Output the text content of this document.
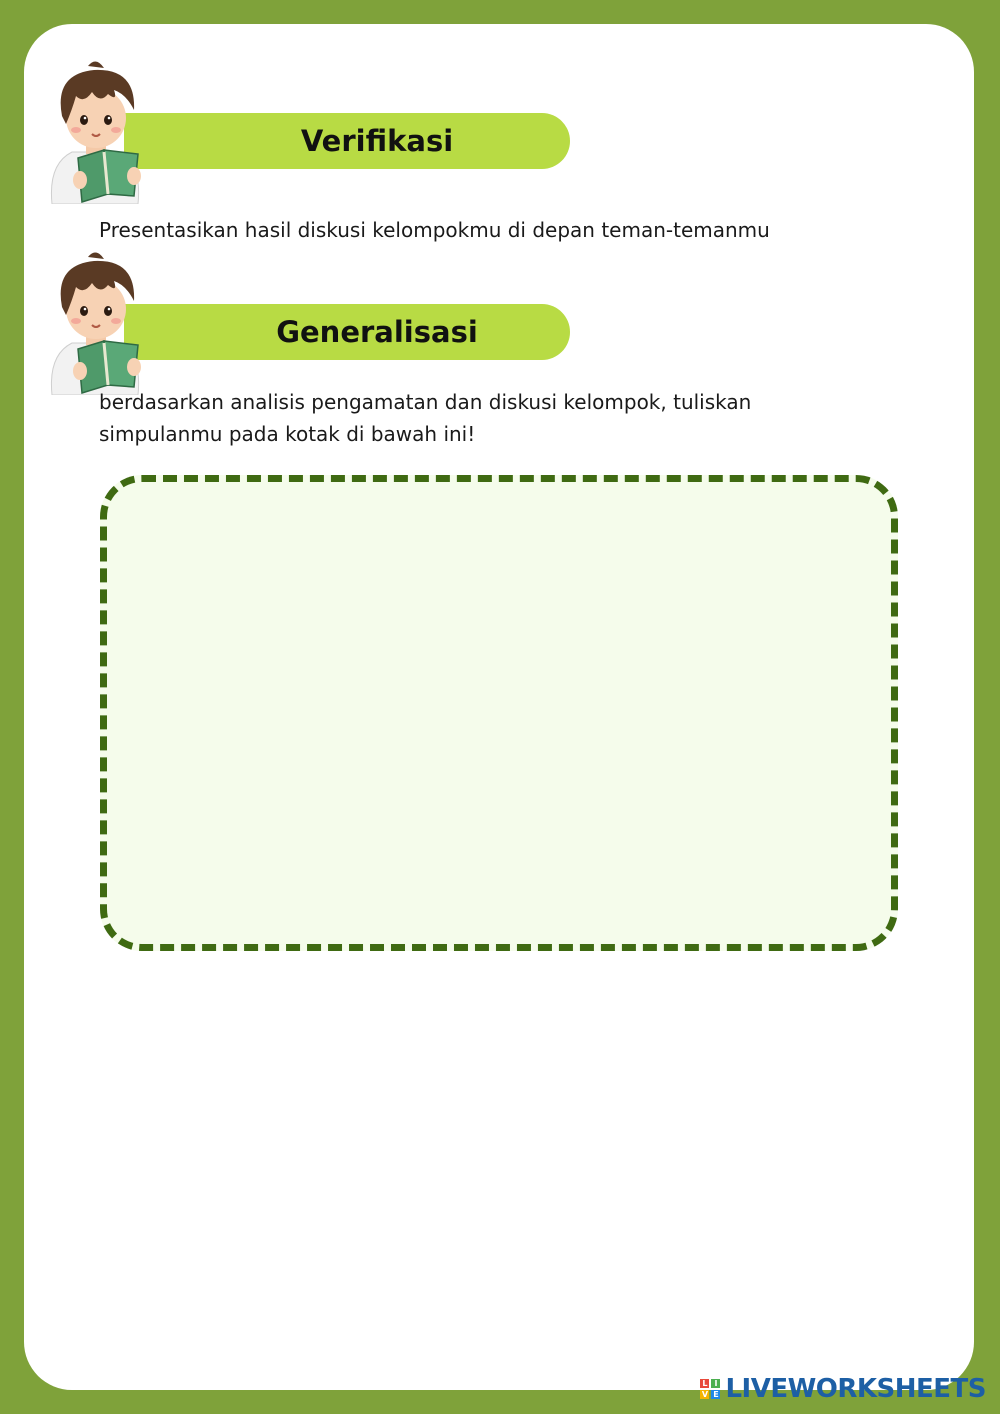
Verifikasi
Presentasikan hasil diskusi kelompokmu di depan teman-temanmu
Generalisasi
berdasarkan analisis pengamatan dan diskusi kelompok, tuliskan
simpulanmu pada kotak di bawah ini!
L I
V E LIVEWORKSHEETS
